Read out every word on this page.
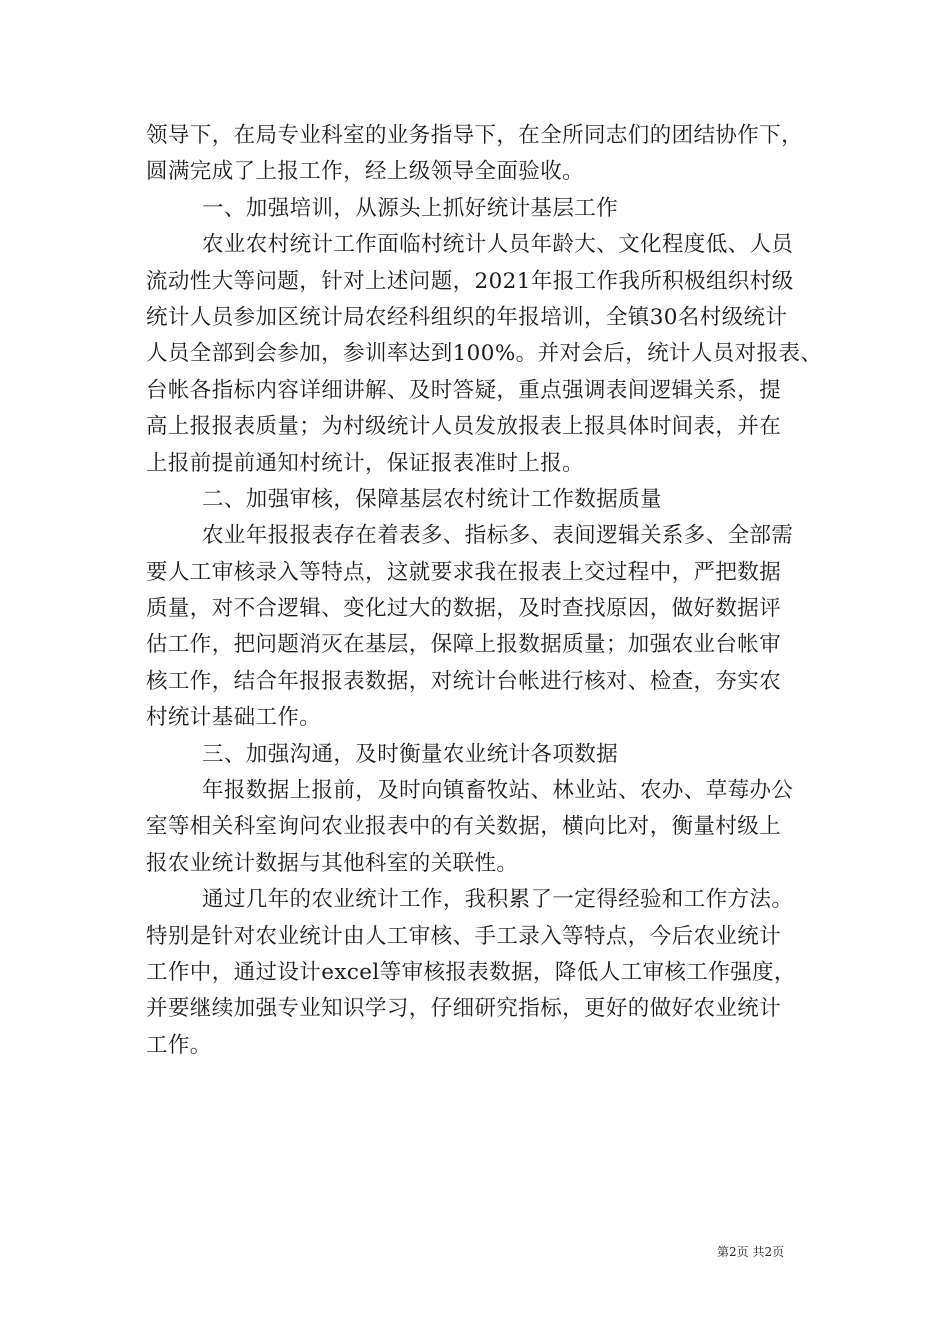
领导下，在局专业科室的业务指导下，在全所同志们的团结协作下，
圆满完成了上报工作，经上级领导全面验收。
一、加强培训，从源头上抓好统计基层工作
农业农村统计工作面临村统计人员年龄大、文化程度低、人员
流动性大等问题，针对上述问题，2021年报工作我所积极组织村级
统计人员参加区统计局农经科组织的年报培训，全镇30名村级统计
人员全部到会参加，参训率达到100%。并对会后，统计人员对报表、
台帐各指标内容详细讲解、及时答疑，重点强调表间逻辑关系，提
高上报报表质量；为村级统计人员发放报表上报具体时间表，并在
上报前提前通知村统计，保证报表准时上报。
二、加强审核，保障基层农村统计工作数据质量
农业年报报表存在着表多、指标多、表间逻辑关系多、全部需
要人工审核录入等特点，这就要求我在报表上交过程中，严把数据
质量，对不合逻辑、变化过大的数据，及时查找原因，做好数据评
估工作，把问题消灭在基层，保障上报数据质量；加强农业台帐审
核工作，结合年报报表数据，对统计台帐进行核对、检查，夯实农
村统计基础工作。
三、加强沟通，及时衡量农业统计各项数据
年报数据上报前，及时向镇畜牧站、林业站、农办、草莓办公
室等相关科室询问农业报表中的有关数据，横向比对，衡量村级上
报农业统计数据与其他科室的关联性。
通过几年的农业统计工作，我积累了一定得经验和工作方法。
特别是针对农业统计由人工审核、手工录入等特点，今后农业统计
工作中，通过设计excel等审核报表数据，降低人工审核工作强度，
并要继续加强专业知识学习，仔细研究指标，更好的做好农业统计
工作。
第2页 共2页
